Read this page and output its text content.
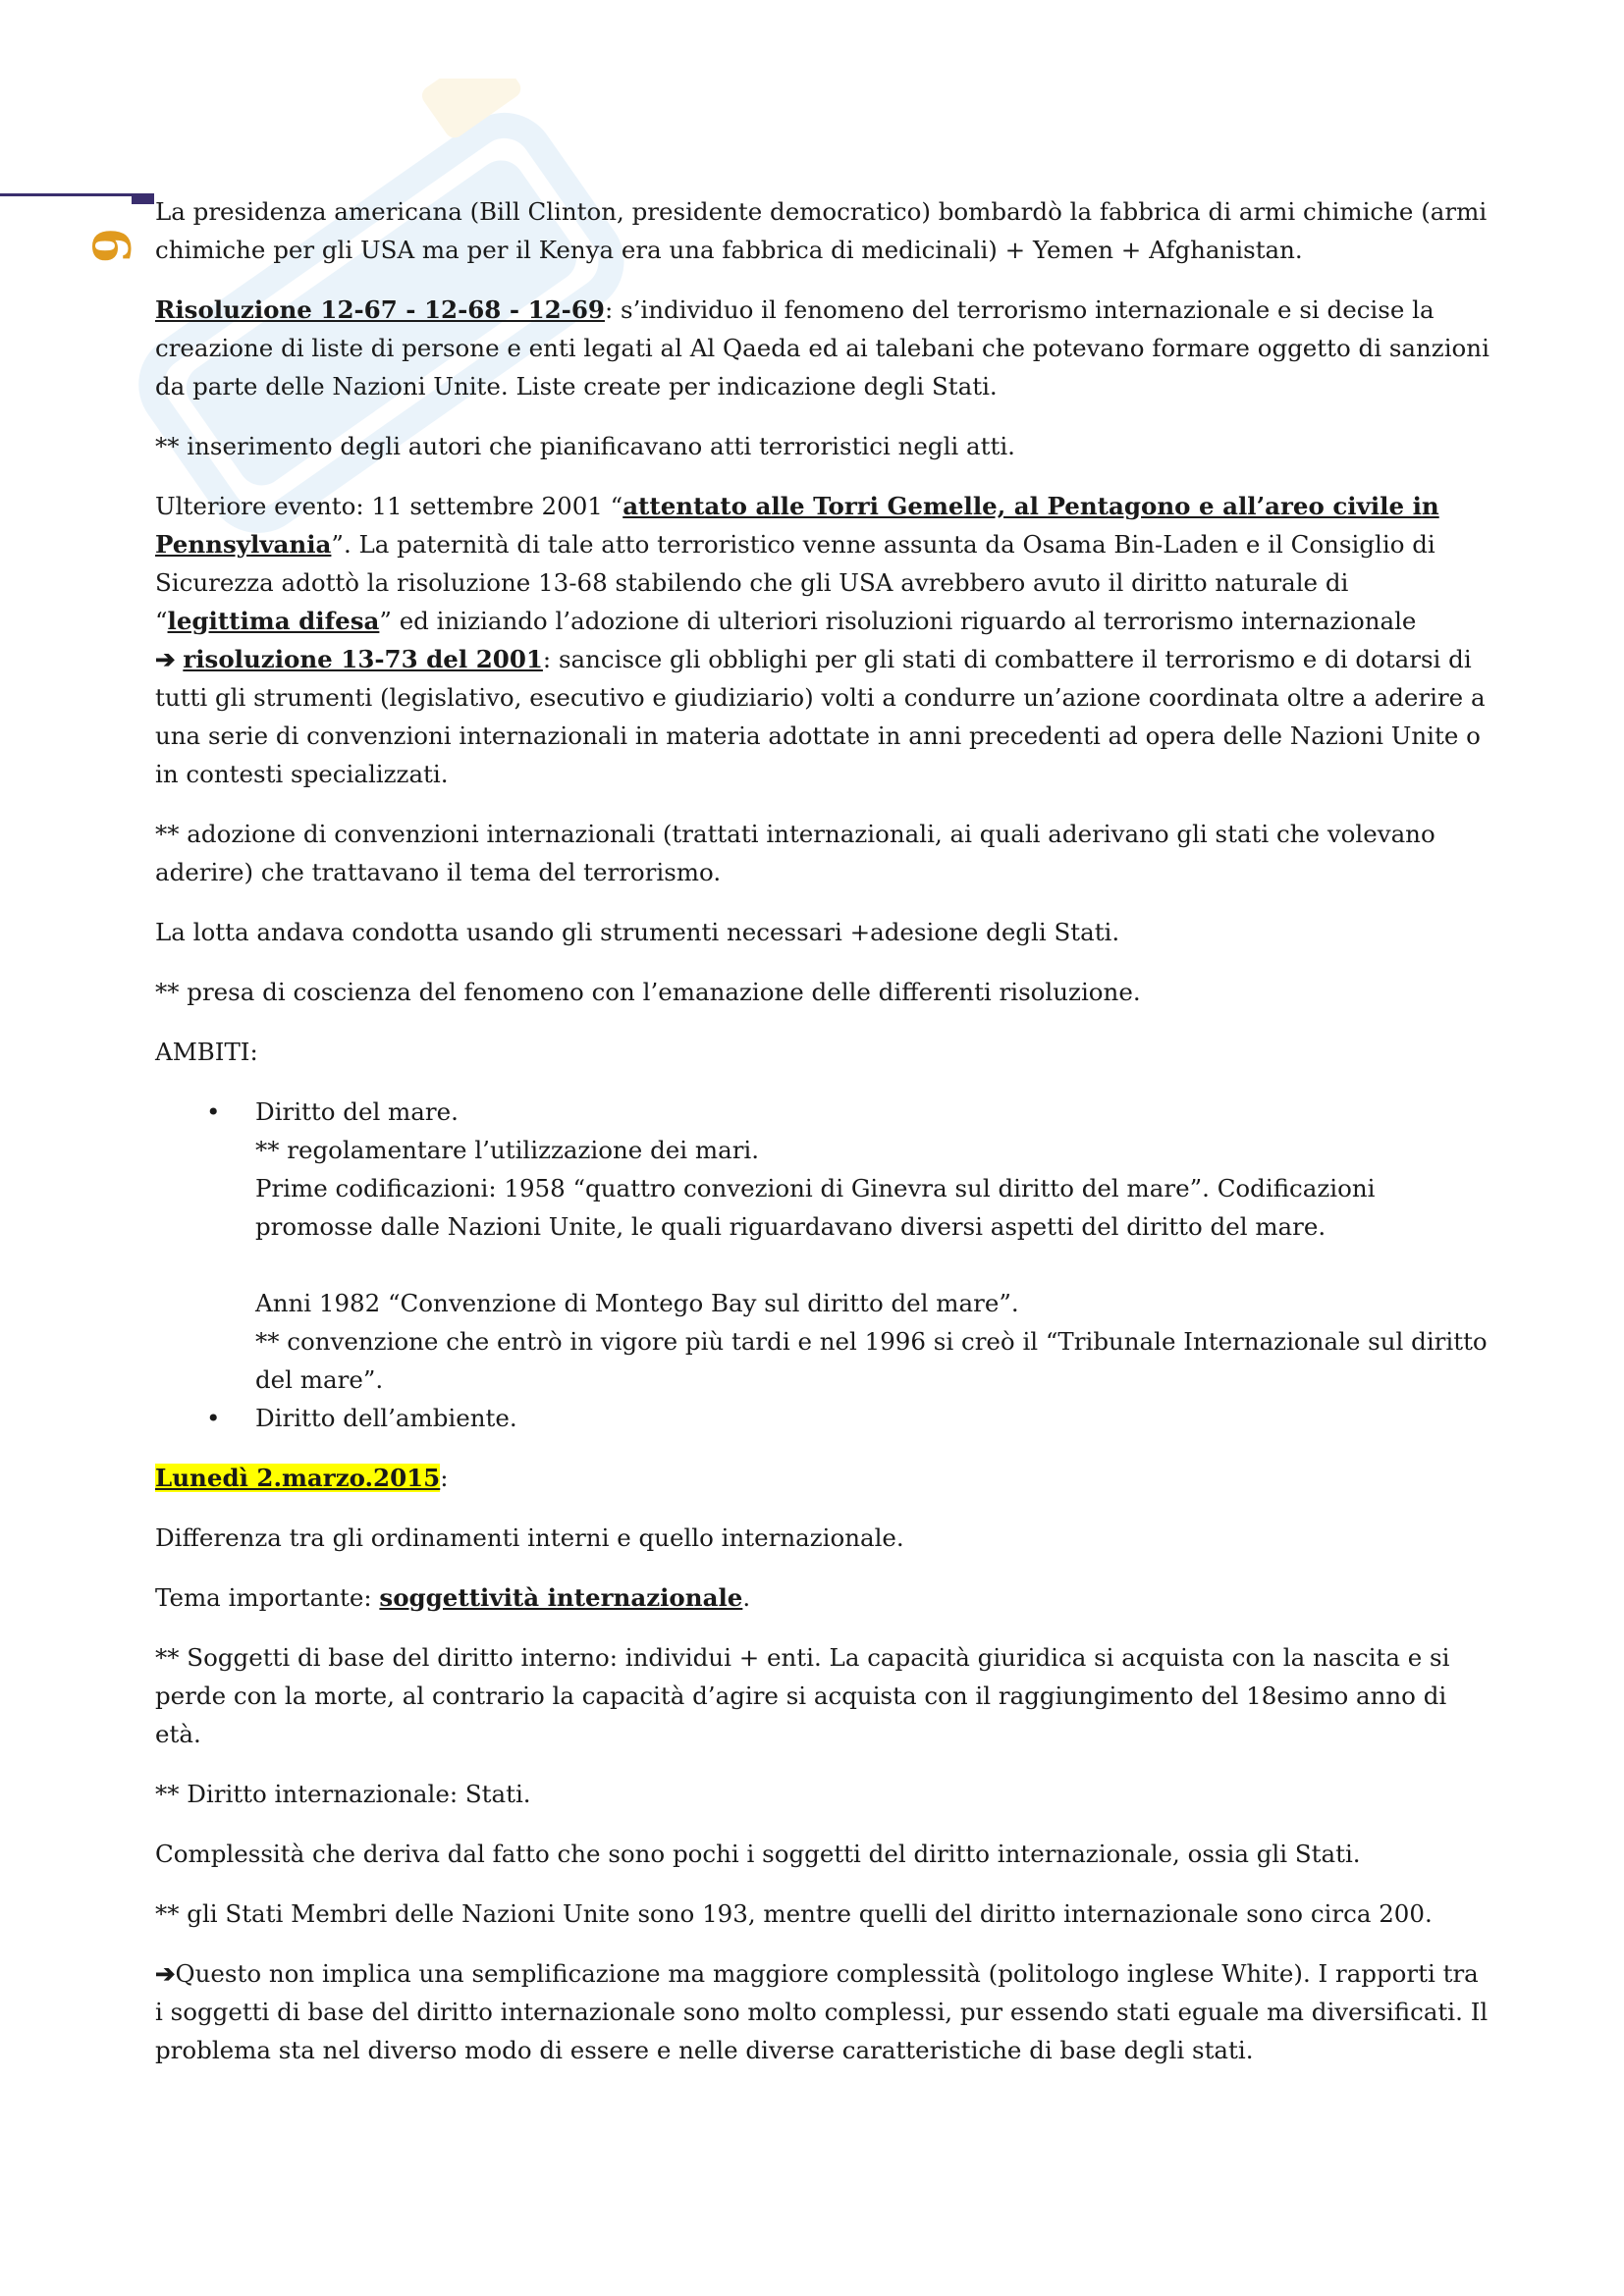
9

La presidenza americana (Bill Clinton, presidente democratico) bombardò la fabbrica di armi chimiche (armi chimiche per gli USA ma per il Kenya era una fabbrica di medicinali) + Yemen + Afghanistan.

Risoluzione 12-67 - 12-68 - 12-69: s’individuo il fenomeno del terrorismo internazionale e si decise la creazione di liste di persone e enti legati al Al Qaeda ed ai talebani che potevano formare oggetto di sanzioni da parte delle Nazioni Unite. Liste create per indicazione degli Stati.

** inserimento degli autori che pianificavano atti terroristici negli atti.

Ulteriore evento: 11 settembre 2001 “attentato alle Torri Gemelle, al Pentagono e all’areo civile in Pennsylvania”. La paternità di tale atto terroristico venne assunta da Osama Bin-Laden e il Consiglio di Sicurezza adottò la risoluzione 13-68 stabilendo che gli USA avrebbero avuto il diritto naturale di “legittima difesa” ed iniziando l’adozione di ulteriori risoluzioni riguardo al terrorismo internazionale
➔ risoluzione 13-73 del 2001: sancisce gli obblighi per gli stati di combattere il terrorismo e di dotarsi di tutti gli strumenti (legislativo, esecutivo e giudiziario) volti a condurre un’azione coordinata oltre a aderire a una serie di convenzioni internazionali in materia adottate in anni precedenti ad opera delle Nazioni Unite o in contesti specializzati.

** adozione di convenzioni internazionali (trattati internazionali, ai quali aderivano gli stati che volevano aderire) che trattavano il tema del terrorismo.

La lotta andava condotta usando gli strumenti necessari +adesione degli Stati.

** presa di coscienza del fenomeno con l’emanazione delle differenti risoluzione.

AMBITI:

• Diritto del mare.
** regolamentare l’utilizzazione dei mari.
Prime codificazioni: 1958 “quattro convezioni di Ginevra sul diritto del mare”. Codificazioni promosse dalle Nazioni Unite, le quali riguardavano diversi aspetti del diritto del mare.
Anni 1982 “Convenzione di Montego Bay sul diritto del mare”.
** convenzione che entrò in vigore più tardi e nel 1996 si creò il “Tribunale Internazionale sul diritto del mare”.
• Diritto dell’ambiente.

Lunedì 2.marzo.2015:

Differenza tra gli ordinamenti interni e quello internazionale.

Tema importante: soggettività internazionale.

** Soggetti di base del diritto interno: individui + enti. La capacità giuridica si acquista con la nascita e si perde con la morte, al contrario la capacità d’agire si acquista con il raggiungimento del 18esimo anno di età.

** Diritto internazionale: Stati.

Complessità che deriva dal fatto che sono pochi i soggetti del diritto internazionale, ossia gli Stati.

** gli Stati Membri delle Nazioni Unite sono 193, mentre quelli del diritto internazionale sono circa 200.

➔Questo non implica una semplificazione ma maggiore complessità (politologo inglese White). I rapporti tra i soggetti di base del diritto internazionale sono molto complessi, pur essendo stati eguale ma diversificati. Il problema sta nel diverso modo di essere e nelle diverse caratteristiche di base degli stati.
